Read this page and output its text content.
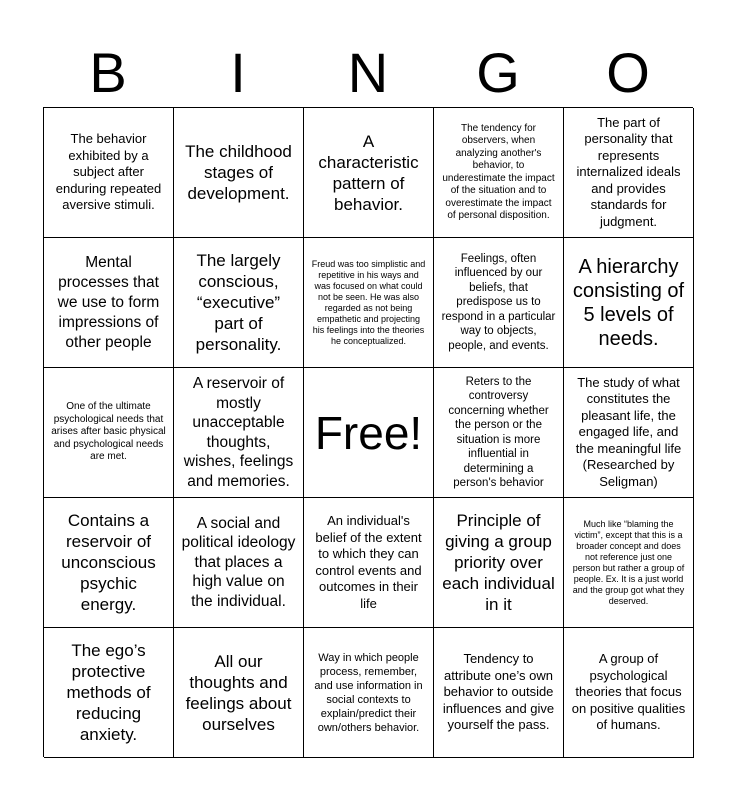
B	I	N	G	O
The behavior exhibited by a subject after enduring repeated aversive stimuli.
The childhood stages of development.
A characteristic pattern of behavior.
The tendency for observers, when analyzing another's behavior, to underestimate the impact of the situation and to overestimate the impact of personal disposition.
The part of personality that represents internalized ideals and provides standards for judgment.
Mental processes that we use to form impressions of other people
The largely conscious, “executive” part of personality.
Freud was too simplistic and repetitive in his ways and was focused on what could not be seen. He was also regarded as not being empathetic and projecting his feelings into the theories he conceptualized.
Feelings, often influenced by our beliefs, that predispose us to respond in a particular way to objects, people, and events.
A hierarchy consisting of 5 levels of needs.
One of the ultimate psychological needs that arises after basic physical and psychological needs are met.
A reservoir of mostly unacceptable thoughts, wishes, feelings and memories.
Free!
Reters to the controversy concerning whether the person or the situation is more influential in determining a person's behavior
The study of what constitutes the pleasant life, the engaged life, and the meaningful life (Researched by Seligman)
Contains a reservoir of unconscious psychic energy.
A social and political ideology that places a high value on the individual.
An individual's belief of the extent to which they can control events and outcomes in their life
Principle of giving a group priority over each individual in it
Much like “blaming the victim”, except that this is a broader concept and does not reference just one person but rather a group of people. Ex. It is a just world and the group got what they deserved.
The ego’s protective methods of reducing anxiety.
All our thoughts and feelings about ourselves
Way in which people process, remember, and use information in social contexts to explain/predict their own/others behavior.
Tendency to attribute one’s own behavior to outside influences and give yourself the pass.
A group of psychological theories that focus on positive qualities of humans.
